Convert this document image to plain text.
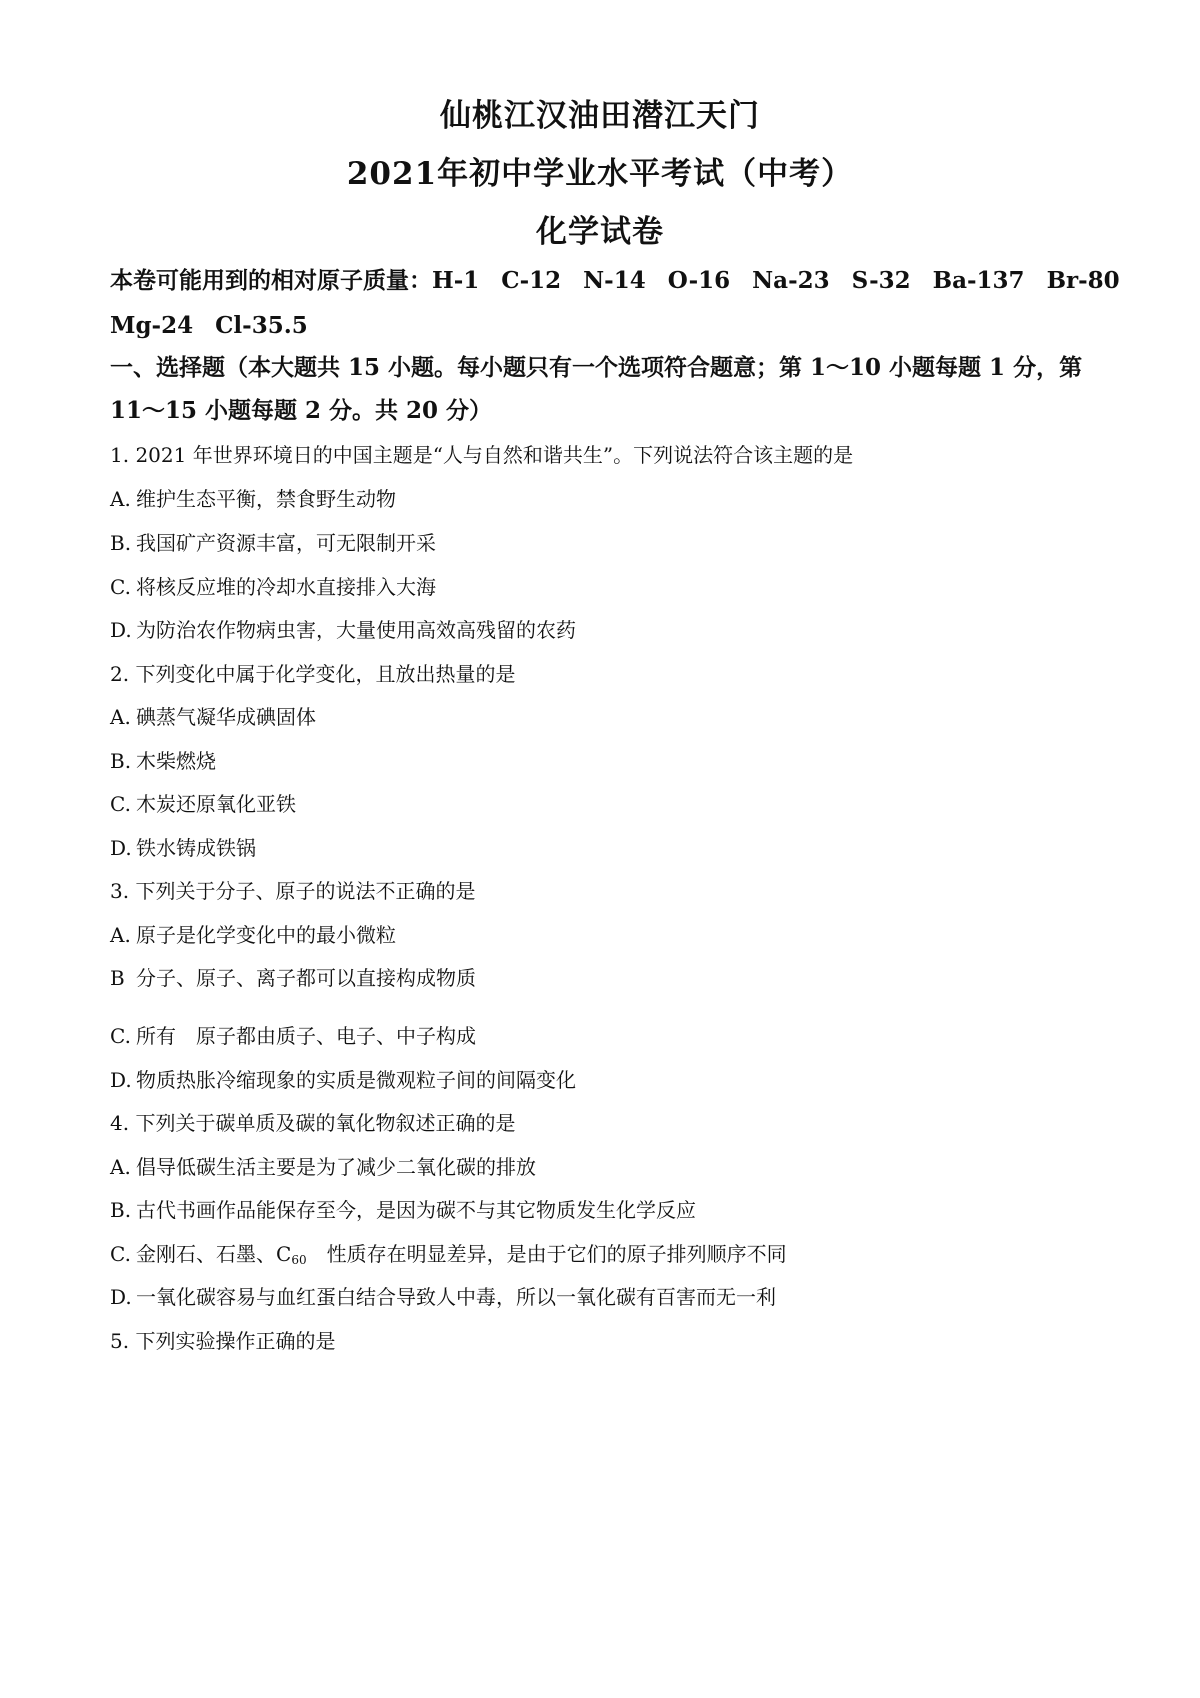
仙桃江汉油田潜江天门
2021年初中学业水平考试（中考）
化学试卷
本卷可能用到的相对原子质量：H-1 C-12 N-14 O-16 Na-23 S-32 Ba-137 Br-80
Mg-24 Cl-35.5
一、选择题（本大题共 15 小题。每小题只有一个选项符合题意；第 1～10 小题每题 1 分，第
11～15 小题每题 2 分。共 20 分）
1. 2021 年世界环境日的中国主题是“人与自然和谐共生”。下列说法符合该主题的是
A. 维护生态平衡，禁食野生动物
B. 我国矿产资源丰富，可无限制开采
C. 将核反应堆的冷却水直接排入大海
D. 为防治农作物病虫害，大量使用高效高残留的农药
2. 下列变化中属于化学变化，且放出热量的是
A. 碘蒸气凝华成碘固体
B. 木柴燃烧
C. 木炭还原氧化亚铁
D. 铁水铸成铁锅
3. 下列关于分子、原子的说法不正确的是
A. 原子是化学变化中的最小微粒
B 分子、原子、离子都可以直接构成物质
C. 所有　原子都由质子、电子、中子构成
D. 物质热胀冷缩现象的实质是微观粒子间的间隔变化
4. 下列关于碳单质及碳的氧化物叙述正确的是
A. 倡导低碳生活主要是为了减少二氧化碳的排放
B. 古代书画作品能保存至今，是因为碳不与其它物质发生化学反应
C. 金刚石、石墨、$C_{60}$　性质存在明显差异，是由于它们的原子排列顺序不同
D. 一氧化碳容易与血红蛋白结合导致人中毒，所以一氧化碳有百害而无一利
5. 下列实验操作正确的是
